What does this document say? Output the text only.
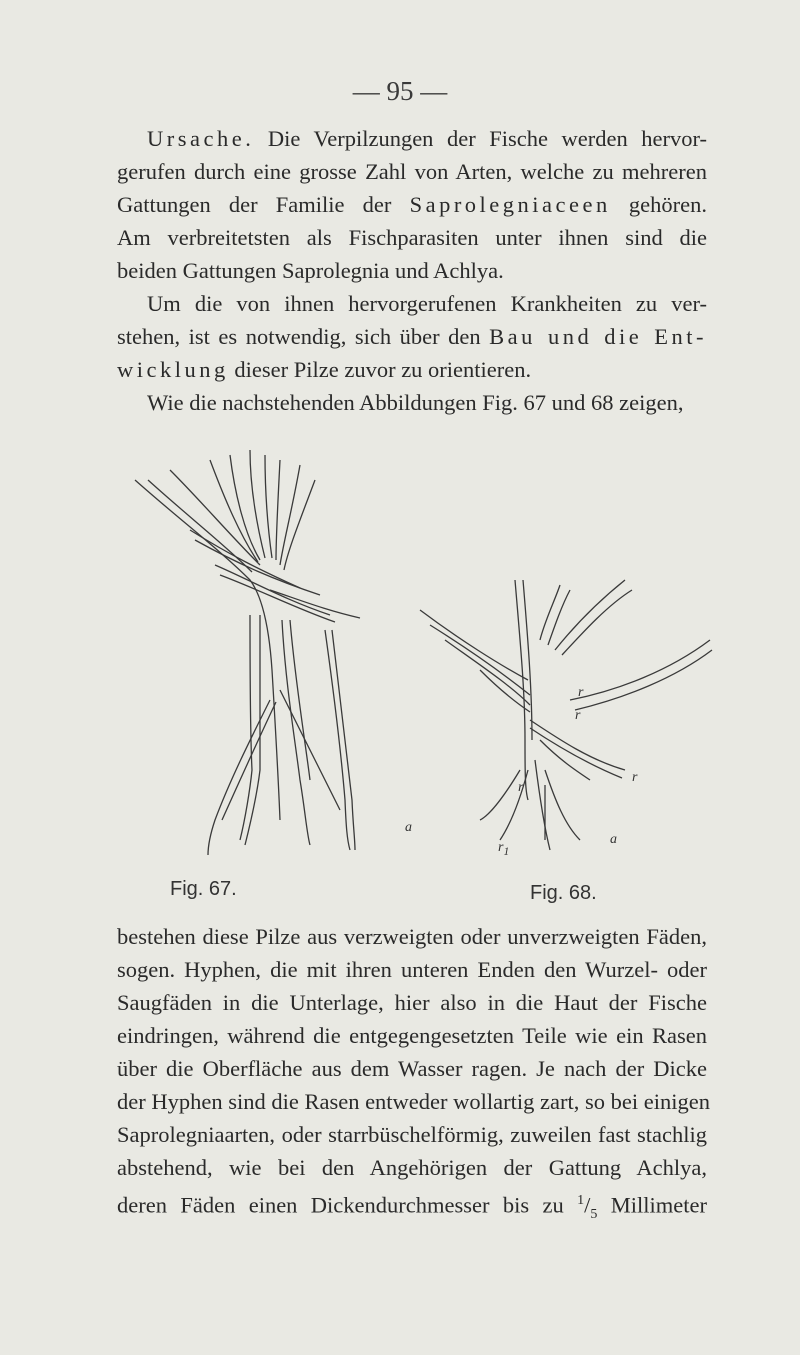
— 95 —
Ursache. Die Verpilzungen der Fische werden hervor-
gerufen durch eine grosse Zahl von Arten, welche zu mehreren
Gattungen der Familie der Saprolegniaceen gehören.
Am verbreitetsten als Fischparasiten unter ihnen sind die
beiden Gattungen Saprolegnia und Achlya.
Um die von ihnen hervorgerufenen Krankheiten zu ver-
stehen, ist es notwendig, sich über den Bau und die Ent-
wicklung dieser Pilze zuvor zu orientieren.
Wie die nachstehenden Abbildungen Fig. 67 und 68 zeigen,
Fig. 67.	Fig. 68.
r
r
r
r
a
a
$r_1$
bestehen diese Pilze aus verzweigten oder unverzweigten Fäden,
sogen. Hyphen, die mit ihren unteren Enden den Wurzel- oder
Saugfäden in die Unterlage, hier also in die Haut der Fische
eindringen, während die entgegengesetzten Teile wie ein Rasen
über die Oberfläche aus dem Wasser ragen. Je nach der Dicke
der Hyphen sind die Rasen entweder wollartig zart, so bei einigen
Saprolegniaarten, oder starrbüschelförmig, zuweilen fast stachlig
abstehend, wie bei den Angehörigen der Gattung Achlya,
deren Fäden einen Dickendurchmesser bis zu $^1/_5$ Millimeter
